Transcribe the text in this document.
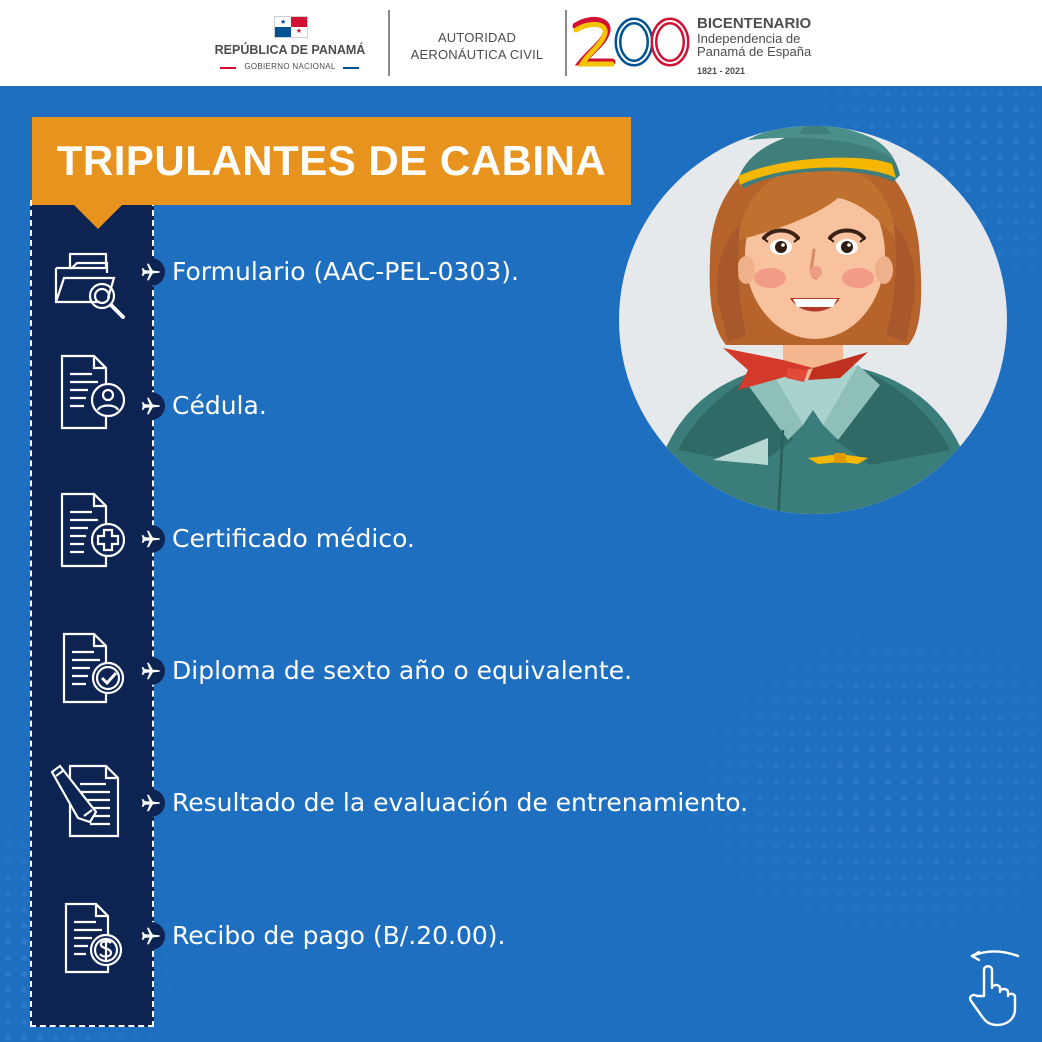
★
★
REPÚBLICA DE PANAMÁ
GOBIERNO NACIONAL
AUTORIDAD
AERONÁUTICA CIVIL
BICENTENARIO
Independencia de
Panamá de España
1821 - 2021
TRIPULANTES DE CABINA
Formulario (AAC-PEL-0303).
Cédula.
Certificado médico.
Diploma de sexto año o equivalente.
Resultado de la evaluación de entrenamiento.
Recibo de pago (B/.20.00).
